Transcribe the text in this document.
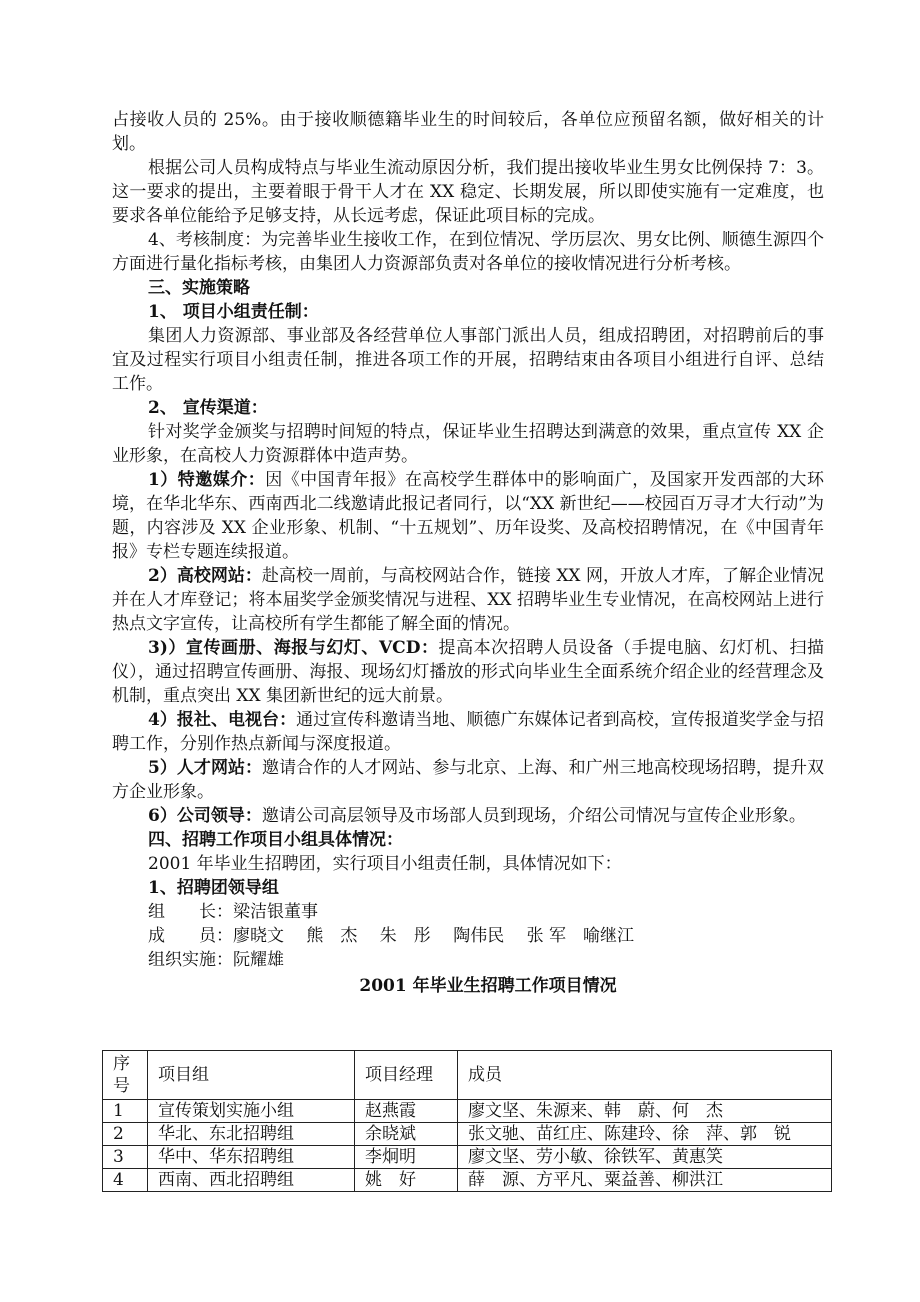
占接收人员的 25%。由于接收顺德籍毕业生的时间较后，各单位应预留名额，做好相关的计划。

根据公司人员构成特点与毕业生流动原因分析，我们提出接收毕业生男女比例保持 7：3。这一要求的提出，主要着眼于骨干人才在 XX 稳定、长期发展，所以即使实施有一定难度，也要求各单位能给予足够支持，从长远考虑，保证此项目标的完成。

4、考核制度：为完善毕业生接收工作，在到位情况、学历层次、男女比例、顺德生源四个方面进行量化指标考核，由集团人力资源部负责对各单位的接收情况进行分析考核。

三、实施策略

1、 项目小组责任制：

集团人力资源部、事业部及各经营单位人事部门派出人员，组成招聘团，对招聘前后的事宜及过程实行项目小组责任制，推进各项工作的开展，招聘结束由各项目小组进行自评、总结工作。

2、 宣传渠道：

针对奖学金颁奖与招聘时间短的特点，保证毕业生招聘达到满意的效果，重点宣传 XX 企业形象，在高校人力资源群体中造声势。

1）特邀媒介：因《中国青年报》在高校学生群体中的影响面广，及国家开发西部的大环境，在华北华东、西南西北二线邀请此报记者同行，以“XX 新世纪——校园百万寻才大行动”为题，内容涉及 XX 企业形象、机制、“十五规划”、历年设奖、及高校招聘情况，在《中国青年报》专栏专题连续报道。

2）高校网站：赴高校一周前，与高校网站合作，链接 XX 网，开放人才库，了解企业情况并在人才库登记；将本届奖学金颁奖情况与进程、XX 招聘毕业生专业情况，在高校网站上进行热点文字宣传，让高校所有学生都能了解全面的情况。

3)）宣传画册、海报与幻灯、VCD：提高本次招聘人员设备（手提电脑、幻灯机、扫描仪），通过招聘宣传画册、海报、现场幻灯播放的形式向毕业生全面系统介绍企业的经营理念及机制，重点突出 XX 集团新世纪的远大前景。

4）报社、电视台：通过宣传科邀请当地、顺德广东媒体记者到高校，宣传报道奖学金与招聘工作，分别作热点新闻与深度报道。

5）人才网站：邀请合作的人才网站、参与北京、上海、和广州三地高校现场招聘，提升双方企业形象。

6）公司领导：邀请公司高层领导及市场部人员到现场，介绍公司情况与宣传企业形象。

四、招聘工作项目小组具体情况：

2001 年毕业生招聘团，实行项目小组责任制，具体情况如下：

1、招聘团领导组

组　　长：梁洁银董事

成　　员：廖晓文　 熊　杰　 朱　彤　 陶伟民　 张 军　喻继江

组织实施：阮耀雄

2001 年毕业生招聘工作项目情况

序号	项目组	项目经理	成员
1	宣传策划实施小组	赵燕霞	廖文坚、朱源来、韩　蔚、何　杰
2	华北、东北招聘组	余晓斌	张文驰、苗红庄、陈建玲、徐　萍、郭　锐
3	华中、华东招聘组	李炯明	廖文坚、劳小敏、徐铁军、黄惠笑
4	西南、西北招聘组	姚　好	薛　源、方平凡、粟益善、柳洪江
